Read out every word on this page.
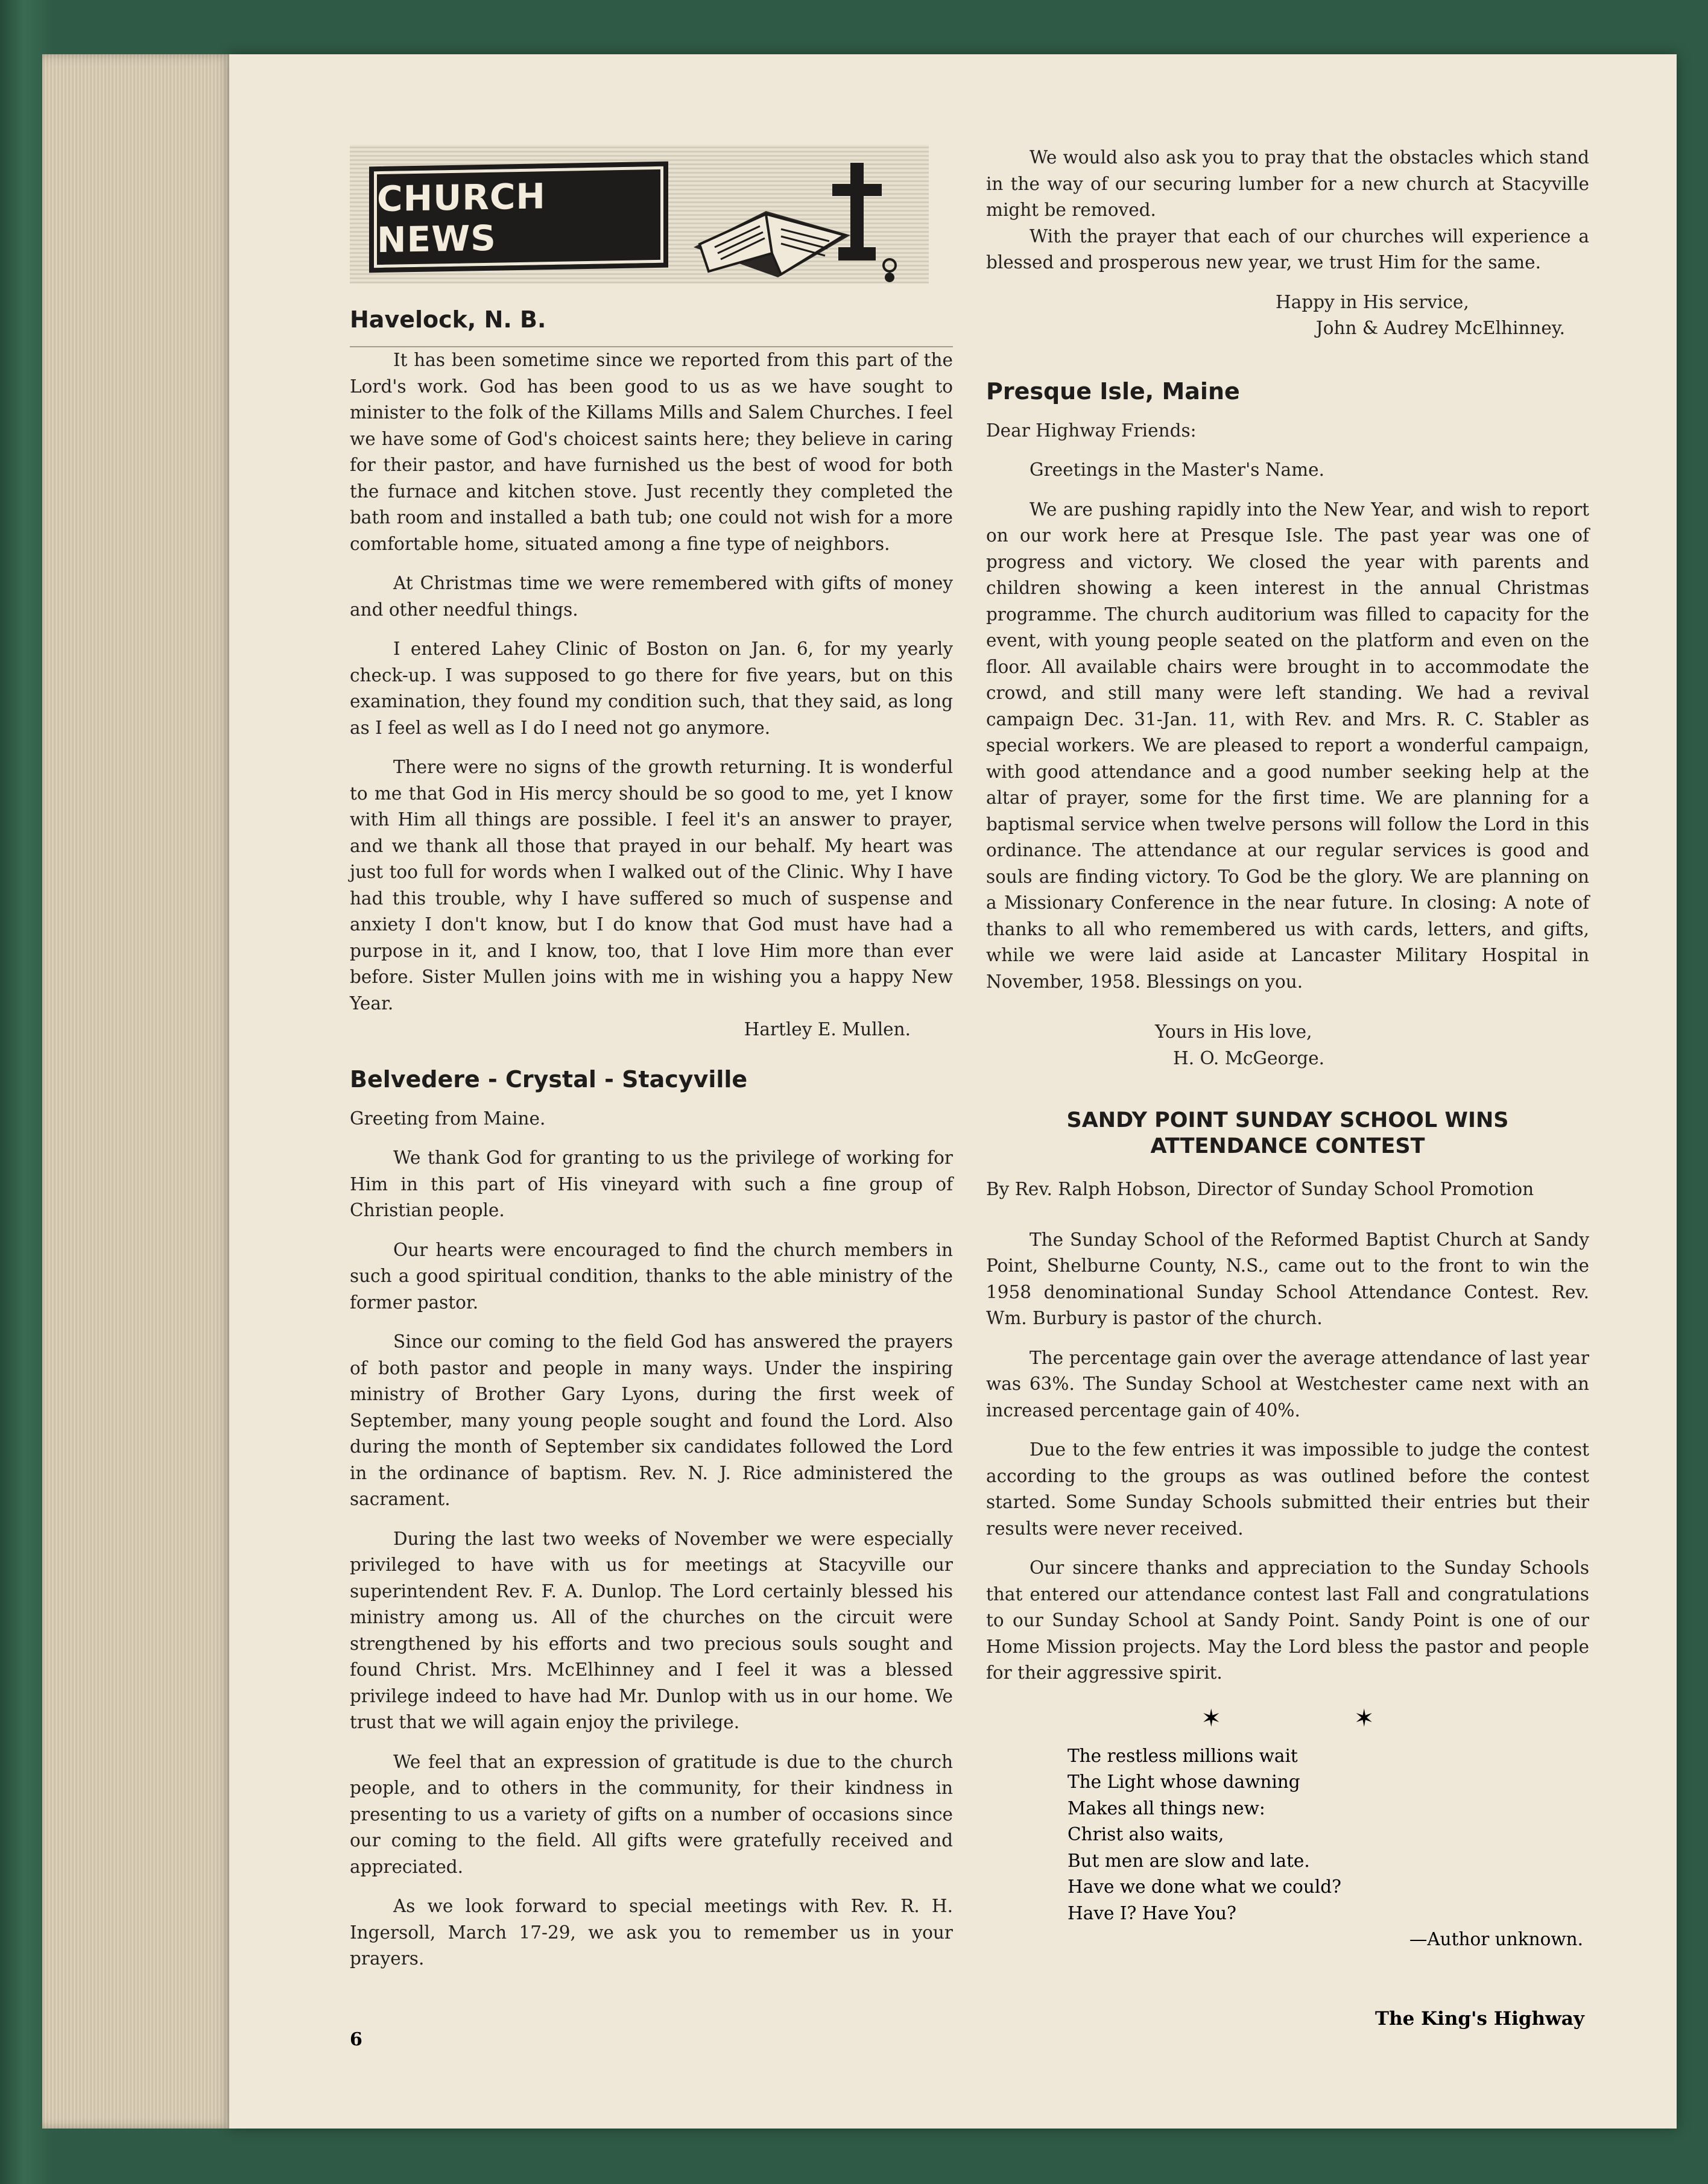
CHURCH NEWS
Havelock, N. B.

It has been sometime since we reported from this part of the Lord's work. God has been good to us as we have sought to minister to the folk of the Killams Mills and Salem Churches. I feel we have some of God's choicest saints here; they believe in caring for their pastor, and have furnished us the best of wood for both the furnace and kitchen stove. Just recently they completed the bath room and installed a bath tub; one could not wish for a more comfortable home, situated among a fine type of neighbors.

At Christmas time we were remembered with gifts of money and other needful things.

I entered Lahey Clinic of Boston on Jan. 6, for my yearly check-up. I was supposed to go there for five years, but on this examination, they found my condition such, that they said, as long as I feel as well as I do I need not go anymore.

There were no signs of the growth returning. It is wonderful to me that God in His mercy should be so good to me, yet I know with Him all things are possible. I feel it's an answer to prayer, and we thank all those that prayed in our behalf. My heart was just too full for words when I walked out of the Clinic. Why I have had this trouble, why I have suffered so much of suspense and anxiety I don't know, but I do know that God must have had a purpose in it, and I know, too, that I love Him more than ever before. Sister Mullen joins with me in wishing you a happy New Year.

Hartley E. Mullen.

Belvedere - Crystal - Stacyville

Greeting from Maine.

We thank God for granting to us the privilege of working for Him in this part of His vineyard with such a fine group of Christian people.

Our hearts were encouraged to find the church members in such a good spiritual condition, thanks to the able ministry of the former pastor.

Since our coming to the field God has answered the prayers of both pastor and people in many ways. Under the inspiring ministry of Brother Gary Lyons, during the first week of September, many young people sought and found the Lord. Also during the month of September six candidates followed the Lord in the ordinance of baptism. Rev. N. J. Rice administered the sacrament.

During the last two weeks of November we were especially privileged to have with us for meetings at Stacyville our superintendent Rev. F. A. Dunlop. The Lord certainly blessed his ministry among us. All of the churches on the circuit were strengthened by his efforts and two precious souls sought and found Christ. Mrs. McElhinney and I feel it was a blessed privilege indeed to have had Mr. Dunlop with us in our home. We trust that we will again enjoy the privilege.

We feel that an expression of gratitude is due to the church people, and to others in the community, for their kindness in presenting to us a variety of gifts on a number of occasions since our coming to the field. All gifts were gratefully received and appreciated.

As we look forward to special meetings with Rev. R. H. Ingersoll, March 17-29, we ask you to remember us in your prayers.

We would also ask you to pray that the obstacles which stand in the way of our securing lumber for a new church at Stacyville might be removed.

With the prayer that each of our churches will experience a blessed and prosperous new year, we trust Him for the same.

Happy in His service,

John & Audrey McElhinney.

Presque Isle, Maine

Dear Highway Friends:

Greetings in the Master's Name.

We are pushing rapidly into the New Year, and wish to report on our work here at Presque Isle. The past year was one of progress and victory. We closed the year with parents and children showing a keen interest in the annual Christmas programme. The church auditorium was filled to capacity for the event, with young people seated on the platform and even on the floor. All available chairs were brought in to accommodate the crowd, and still many were left standing. We had a revival campaign Dec. 31-Jan. 11, with Rev. and Mrs. R. C. Stabler as special workers. We are pleased to report a wonderful campaign, with good attendance and a good number seeking help at the altar of prayer, some for the first time. We are planning for a baptismal service when twelve persons will follow the Lord in this ordinance. The attendance at our regular services is good and souls are finding victory. To God be the glory. We are planning on a Missionary Conference in the near future. In closing: A note of thanks to all who remembered us with cards, letters, and gifts, while we were laid aside at Lancaster Military Hospital in November, 1958. Blessings on you.

Yours in His love,

H. O. McGeorge.

SANDY POINT SUNDAY SCHOOL WINS
ATTENDANCE CONTEST

By Rev. Ralph Hobson, Director of Sunday School Promotion

The Sunday School of the Reformed Baptist Church at Sandy Point, Shelburne County, N.S., came out to the front to win the 1958 denominational Sunday School Attendance Contest. Rev. Wm. Burbury is pastor of the church.

The percentage gain over the average attendance of last year was 63%. The Sunday School at Westchester came next with an increased percentage gain of 40%.

Due to the few entries it was impossible to judge the contest according to the groups as was outlined before the contest started. Some Sunday Schools submitted their entries but their results were never received.

Our sincere thanks and appreciation to the Sunday Schools that entered our attendance contest last Fall and congratulations to our Sunday School at Sandy Point. Sandy Point is one of our Home Mission projects. May the Lord bless the pastor and people for their aggressive spirit.

✶✶
The restless millions wait
The Light whose dawning
Makes all things new:
Christ also waits,
But men are slow and late.
Have we done what we could?
Have I? Have You?
—Author unknown.
6
The King's Highway
